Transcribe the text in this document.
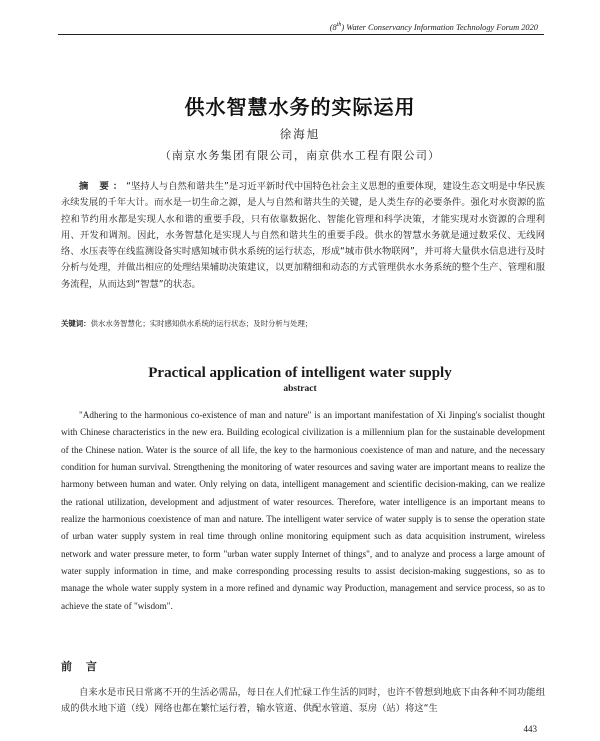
(8th) Water Conservancy Information Technology Forum 2020
供水智慧水务的实际运用
徐海旭
（南京水务集团有限公司，南京供水工程有限公司）
摘 要：“坚持人与自然和谐共生”是习近平新时代中国特色社会主义思想的重要体现，建设生态文明是中华民族永续发展的千年大计。而水是一切生命之源，是人与自然和谐共生的关键，是人类生存的必要条件。强化对水资源的监控和节约用水都是实现人水和谐的重要手段，只有依靠数据化、智能化管理和科学决策，才能实现对水资源的合理利用、开发和调剂。因此，水务智慧化是实现人与自然和谐共生的重要手段。供水的智慧水务就是通过数采仪、无线网络、水压表等在线监测设备实时感知城市供水系统的运行状态，形成“城市供水物联网”，并可将大量供水信息进行及时分析与处理，并做出相应的处理结果辅助决策建议，以更加精细和动态的方式管理供水水务系统的整个生产、管理和服务流程，从而达到“智慧”的状态。
关键词：供水水务智慧化；实时感知供水系统的运行状态；及时分析与处理；
Practical application of intelligent water supply
abstract

"Adhering to the harmonious co-existence of man and nature" is an important manifestation of Xi Jinping's socialist thought with Chinese characteristics in the new era. Building ecological civilization is a millennium plan for the sustainable development of the Chinese nation. Water is the source of all life, the key to the harmonious coexistence of man and nature, and the necessary condition for human survival. Strengthening the monitoring of water resources and saving water are important means to realize the harmony between human and water. Only relying on data, intelligent management and scientific decision-making, can we realize the rational utilization, development and adjustment of water resources. Therefore, water intelligence is an important means to realize the harmonious coexistence of man and nature. The intelligent water service of water supply is to sense the operation state of urban water supply system in real time through online monitoring equipment such as data acquisition instrument, wireless network and water pressure meter, to form "urban water supply Internet of things", and to analyze and process a large amount of water supply information in time, and make corresponding processing results to assist decision-making suggestions, so as to manage the whole water supply system in a more refined and dynamic way Production, management and service process, so as to achieve the state of "wisdom".

前 言

自来水是市民日常离不开的生活必需品，每日在人们忙碌工作生活的同时，也许不曾想到地底下由各种不同功能组成的供水地下道（线）网络也都在繁忙运行着，输水管道、供配水管道、泵房（站）将这“生

443
